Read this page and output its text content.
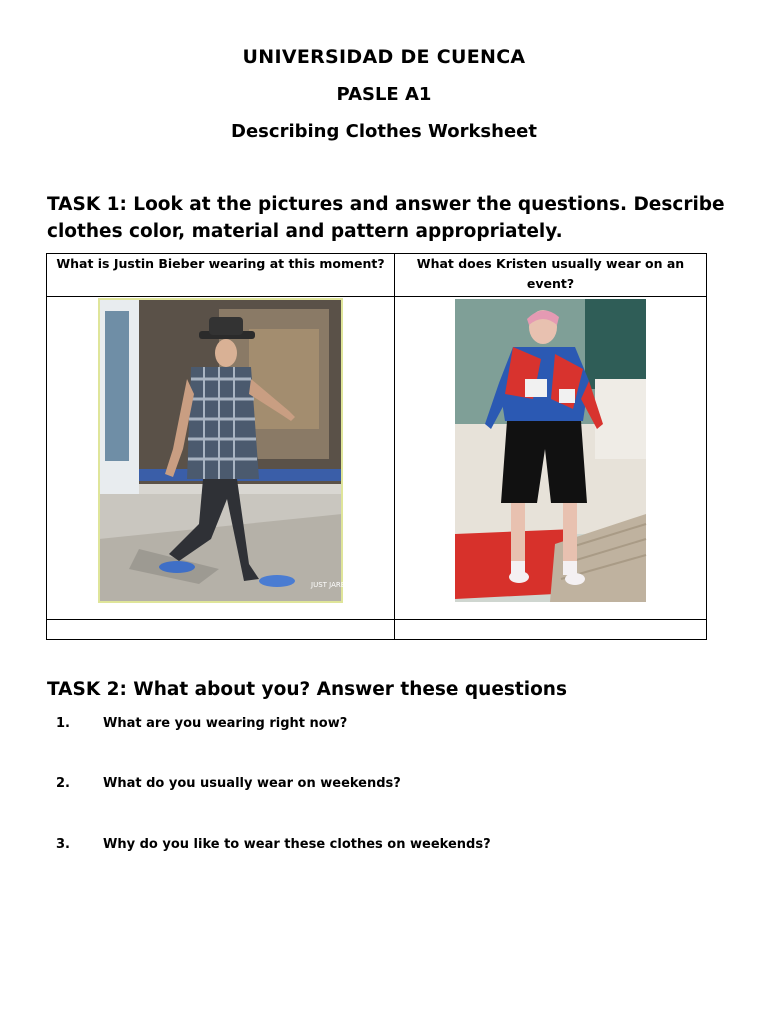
UNIVERSIDAD DE CUENCA
PASLE A1
Describing Clothes Worksheet
TASK 1: Look at the pictures and answer the questions. Describe
clothes color, material and pattern appropriately.
What is Justin Bieber wearing at this moment?	What does Kristen usually wear on an event?

JUST JARED

TASK 2: What about you? Answer these questions
1.	What are you wearing right now?
2.	What do you usually wear on weekends?
3.	Why do you like to wear these clothes on weekends?
